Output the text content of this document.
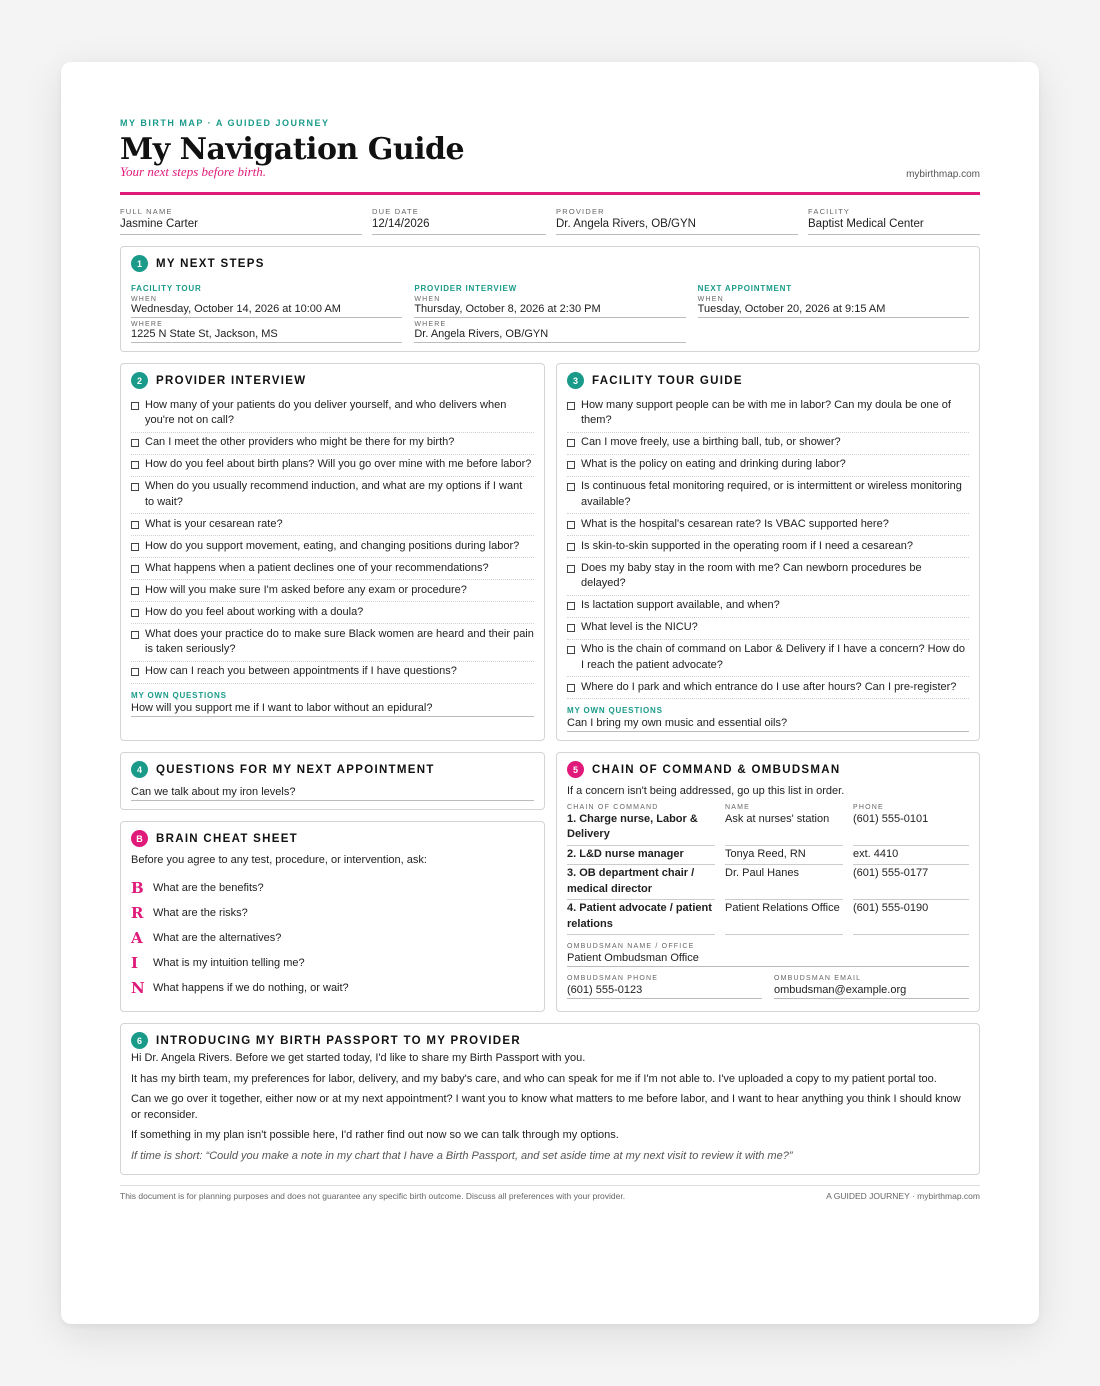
MY BIRTH MAP · A GUIDED JOURNEY
My Navigation Guide
Your next steps before birth.	mybirthmap.com
FULL NAME
Jasmine Carter
DUE DATE
12/14/2026
PROVIDER
Dr. Angela Rivers, OB/GYN
FACILITY
Baptist Medical Center
1	MY NEXT STEPS
FACILITY TOUR
WHEN
Wednesday, October 14, 2026 at 10:00 AM
WHERE
1225 N State St, Jackson, MS
PROVIDER INTERVIEW
WHEN
Thursday, October 8, 2026 at 2:30 PM
WHERE
Dr. Angela Rivers, OB/GYN
NEXT APPOINTMENT
WHEN
Tuesday, October 20, 2026 at 9:15 AM
2	PROVIDER INTERVIEW
How many of your patients do you deliver yourself, and who delivers when you're not on call?
Can I meet the other providers who might be there for my birth?
How do you feel about birth plans? Will you go over mine with me before labor?
When do you usually recommend induction, and what are my options if I want to wait?
What is your cesarean rate?
How do you support movement, eating, and changing positions during labor?
What happens when a patient declines one of your recommendations?
How will you make sure I'm asked before any exam or procedure?
How do you feel about working with a doula?
What does your practice do to make sure Black women are heard and their pain is taken seriously?
How can I reach you between appointments if I have questions?
MY OWN QUESTIONS
How will you support me if I want to labor without an epidural?
3	FACILITY TOUR GUIDE
How many support people can be with me in labor? Can my doula be one of them?
Can I move freely, use a birthing ball, tub, or shower?
What is the policy on eating and drinking during labor?
Is continuous fetal monitoring required, or is intermittent or wireless monitoring available?
What is the hospital's cesarean rate? Is VBAC supported here?
Is skin-to-skin supported in the operating room if I need a cesarean?
Does my baby stay in the room with me? Can newborn procedures be delayed?
Is lactation support available, and when?
What level is the NICU?
Who is the chain of command on Labor & Delivery if I have a concern? How do I reach the patient advocate?
Where do I park and which entrance do I use after hours? Can I pre-register?
MY OWN QUESTIONS
Can I bring my own music and essential oils?
4	QUESTIONS FOR MY NEXT APPOINTMENT
Can we talk about my iron levels?
B	BRAIN CHEAT SHEET
Before you agree to any test, procedure, or intervention, ask:
B What are the benefits?
R What are the risks?
A What are the alternatives?
I	What is my intuition telling me?
N What happens if we do nothing, or wait?
5	CHAIN OF COMMAND & OMBUDSMAN
If a concern isn't being addressed, go up this list in order.
CHAIN OF COMMAND	NAME	PHONE
1. Charge nurse, Labor & Delivery
Ask at nurses' station	(601) 555-0101
2. L&D nurse manager	Tonya Reed, RN	ext. 4410
3. OB department chair / medical director
Dr. Paul Hanes	(601) 555-0177
4. Patient advocate / patient relations
Patient Relations Office (601) 555-0190
OMBUDSMAN NAME / OFFICE
Patient Ombudsman Office
OMBUDSMAN PHONE
(601) 555-0123
OMBUDSMAN EMAIL
ombudsman@example.org
6	INTRODUCING MY BIRTH PASSPORT TO MY PROVIDER
Hi Dr. Angela Rivers. Before we get started today, I'd like to share my Birth Passport with you.
It has my birth team, my preferences for labor, delivery, and my baby's care, and who can speak for me if I'm not able to. I've uploaded a copy to my patient portal too.
Can we go over it together, either now or at my next appointment? I want you to know what matters to me before labor, and I want to hear anything you think I should know or reconsider.
If something in my plan isn't possible here, I'd rather find out now so we can talk through my options.
If time is short: “Could you make a note in my chart that I have a Birth Passport, and set aside time at my next visit to review it with me?”
This document is for planning purposes and does not guarantee any specific birth outcome. Discuss all preferences with your provider.	A GUIDED JOURNEY · mybirthmap.com
